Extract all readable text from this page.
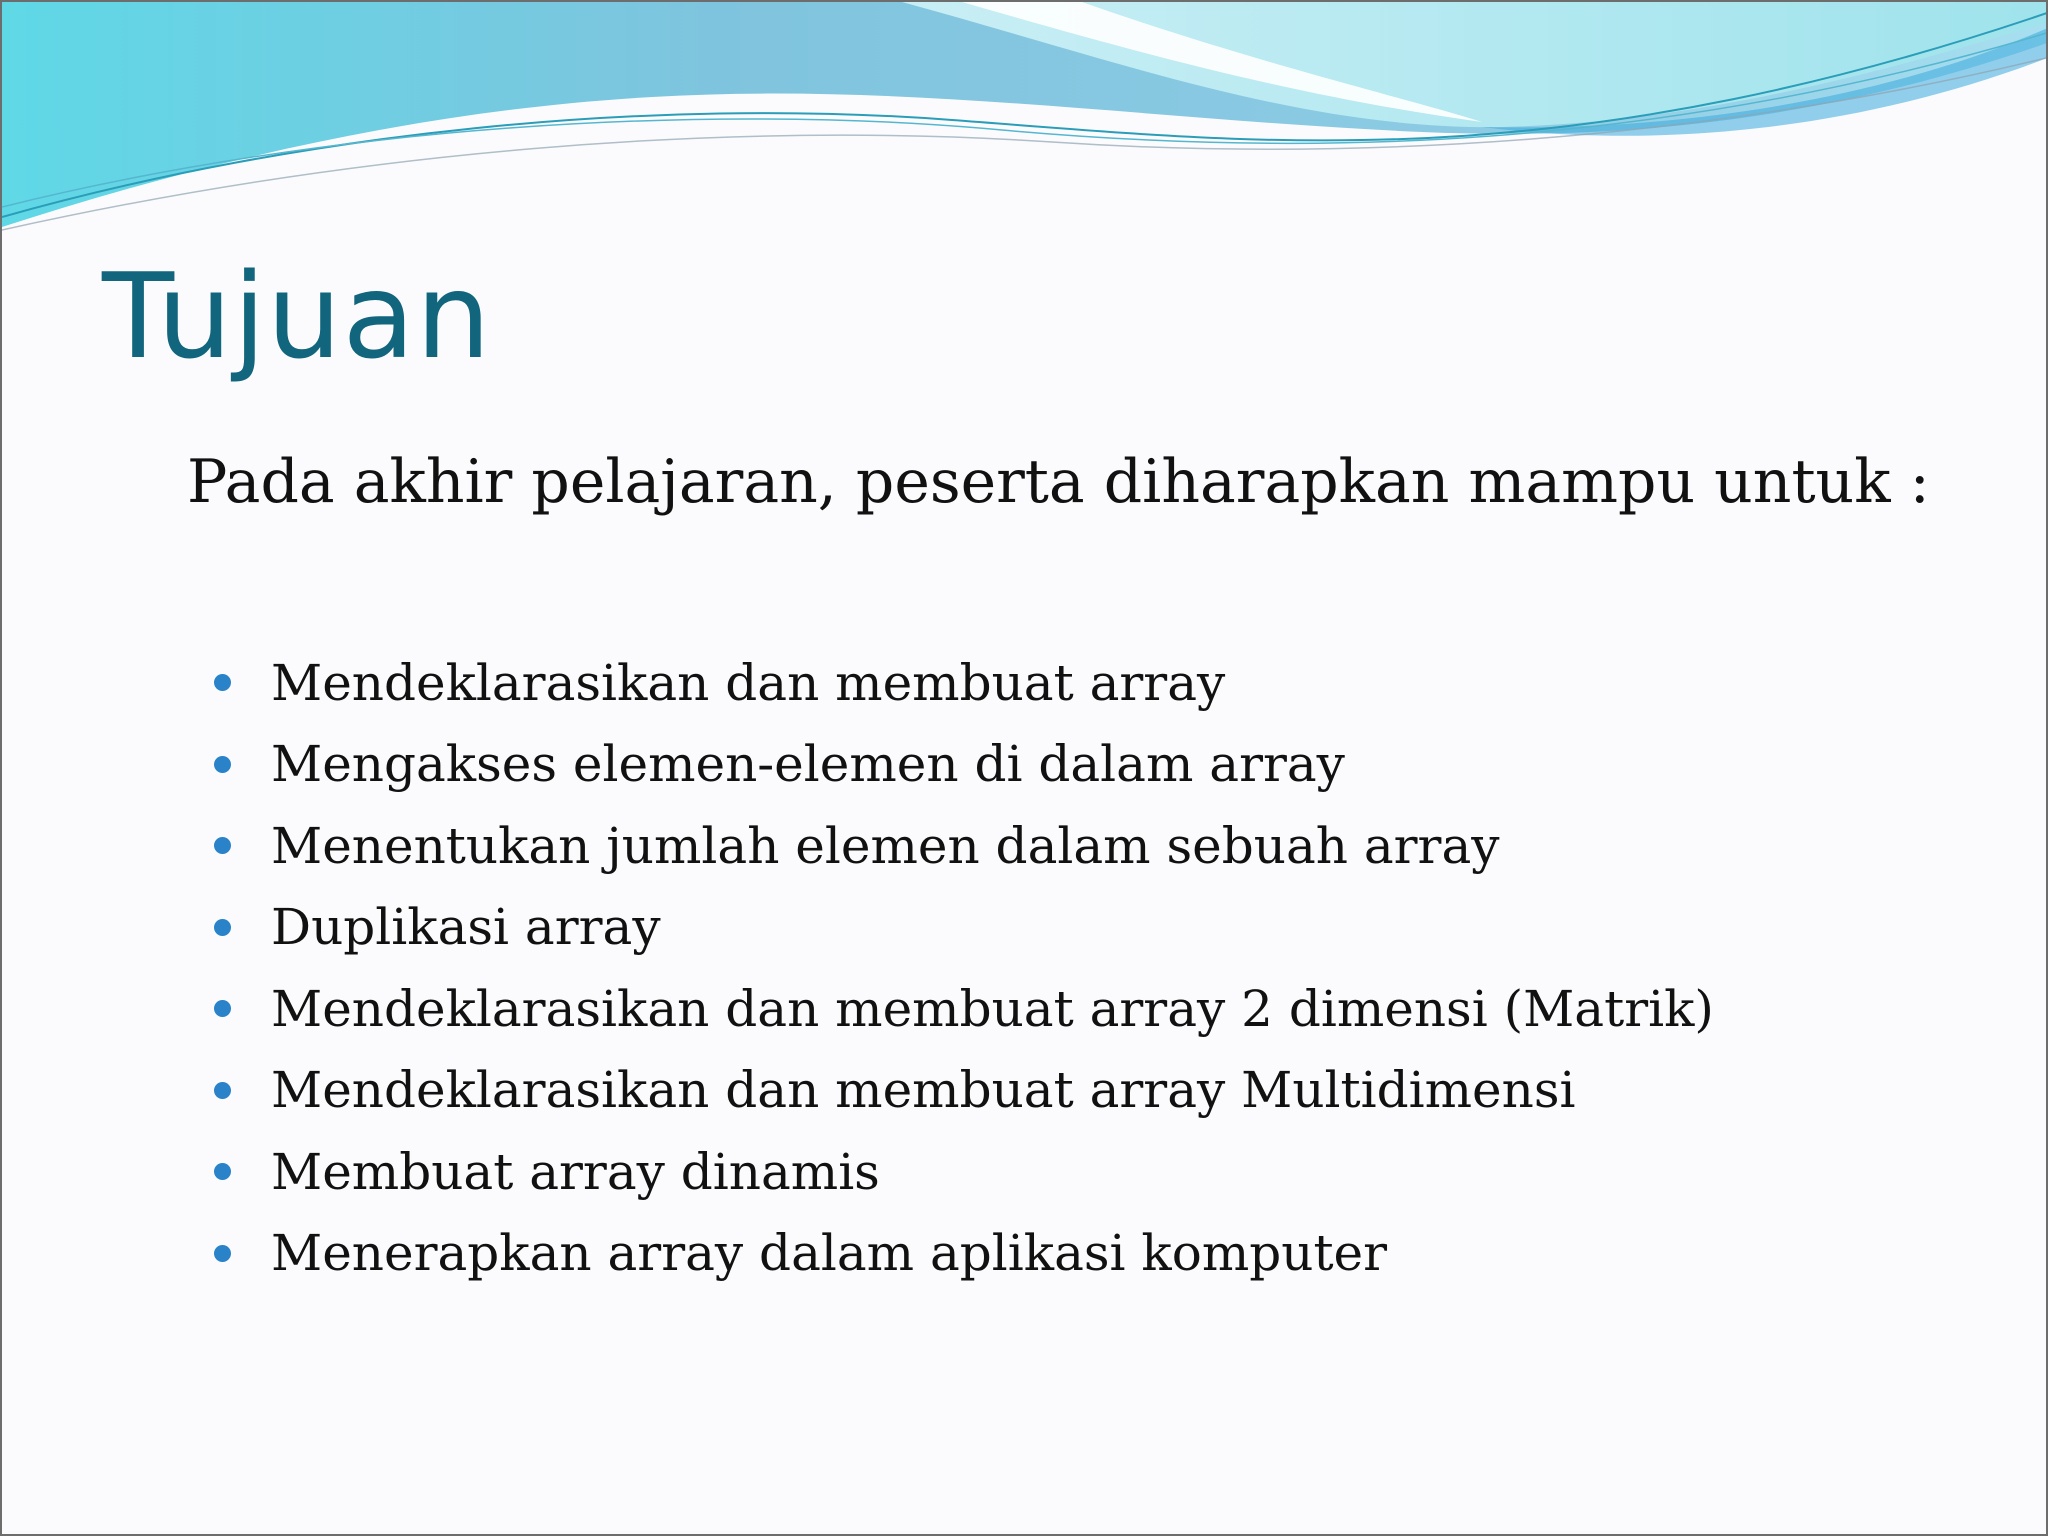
Tujuan

Pada akhir pelajaran, peserta diharapkan mampu untuk :

Mendeklarasikan dan membuat array
Mengakses elemen-elemen di dalam array
Menentukan jumlah elemen dalam sebuah array
Duplikasi array
Mendeklarasikan dan membuat array 2 dimensi (Matrik)
Mendeklarasikan dan membuat array Multidimensi
Membuat array dinamis
Menerapkan array dalam aplikasi komputer
